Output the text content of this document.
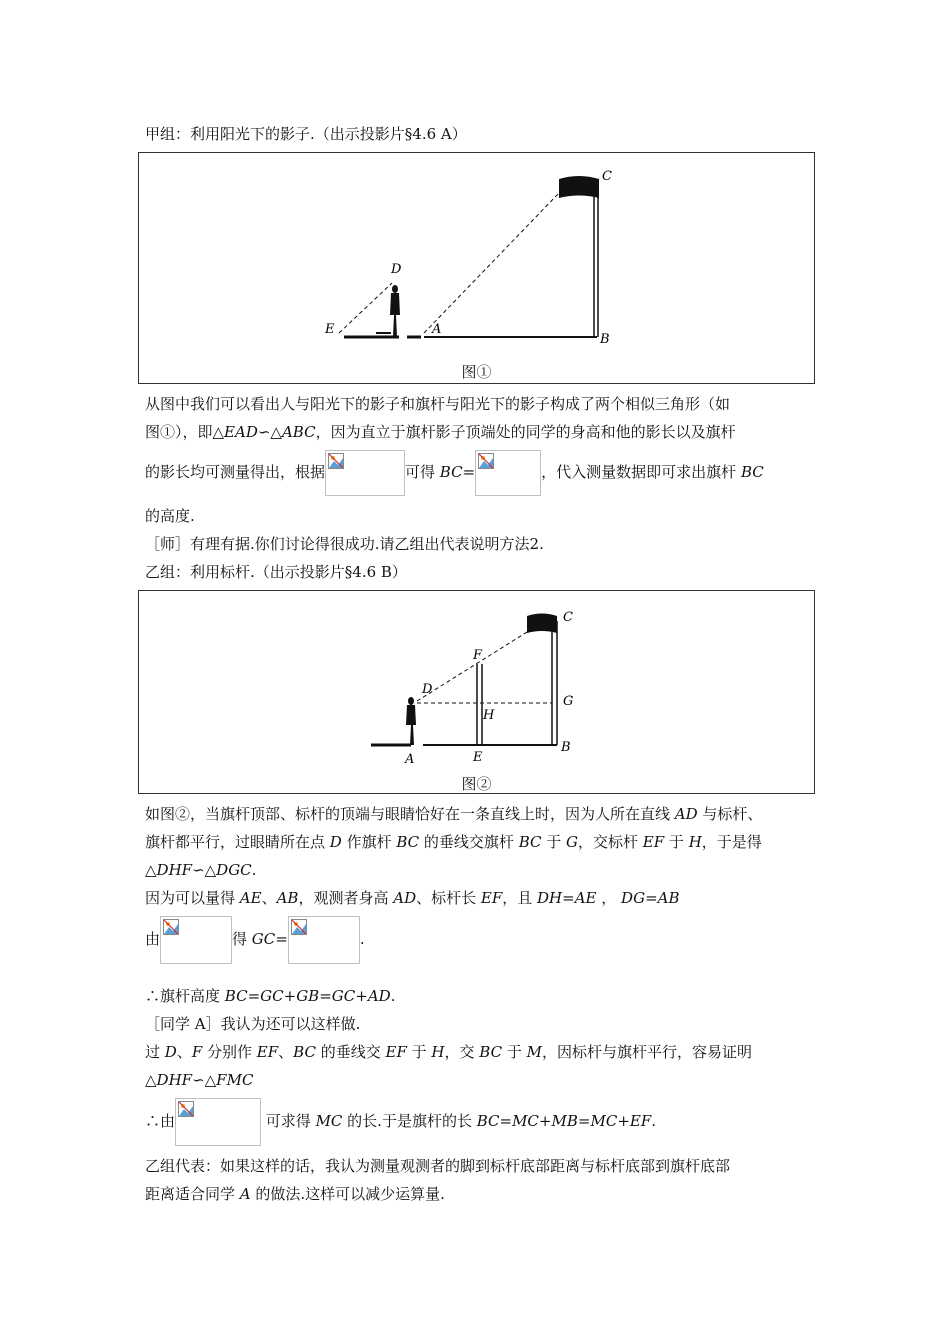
甲组：利用阳光下的影子.（出示投影片§4.6 A）
C
D
E	A
B
图①
从图中我们可以看出人与阳光下的影子和旗杆与阳光下的影子构成了两个相似三角形（如
图①），即△EAD∽△ABC，因为直立于旗杆影子顶端处的同学的身高和他的影长以及旗杆
的影长均可测量得出，根据	可得 BC=	，代入测量数据即可求出旗杆 BC
的高度.
［师］有理有据.你们讨论得很成功.请乙组出代表说明方法2.
乙组：利用标杆.（出示投影片§4.6 B）
C
F
D
G
H
A	E
B
图②
如图②，当旗杆顶部、标杆的顶端与眼睛恰好在一条直线上时，因为人所在直线 AD 与标杆、
旗杆都平行，过眼睛所在点 D 作旗杆 BC 的垂线交旗杆 BC 于 G，交标杆 EF 于 H，于是得
△DHF∽△DGC.
因为可以量得 AE、AB，观测者身高 AD、标杆长 EF，且 DH=AE ， DG=AB
由	得 GC=	.
∴旗杆高度 BC=GC+GB=GC+AD.
［同学 A］我认为还可以这样做.
过 D、F 分别作 EF、BC 的垂线交 EF 于 H，交 BC 于 M，因标杆与旗杆平行，容易证明
△DHF∽△FMC
∴由	可求得 MC 的长.于是旗杆的长 BC=MC+MB=MC+EF.
乙组代表：如果这样的话，我认为测量观测者的脚到标杆底部距离与标杆底部到旗杆底部
距离适合同学 A 的做法.这样可以减少运算量.
